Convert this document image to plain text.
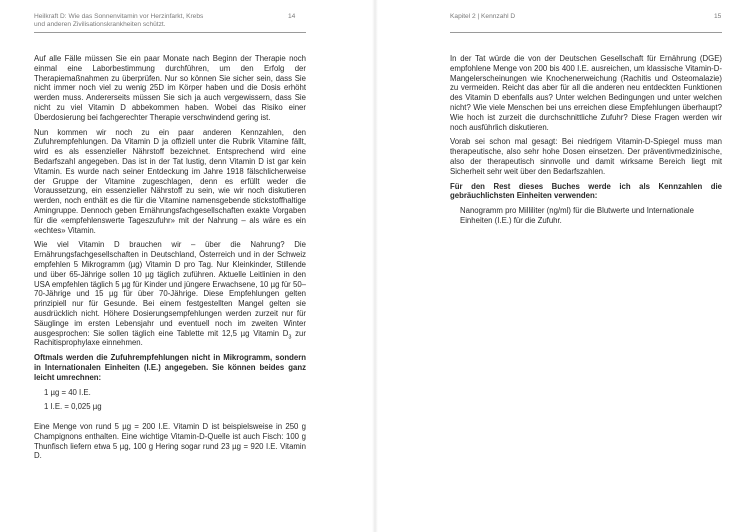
Heilkraft D: Wie das Sonnenvitamin vor Herzinfarkt, Krebs
und anderen Zivilisationskrankheiten schützt.
14

Auf alle Fälle müssen Sie ein paar Monate nach Beginn der Therapie noch einmal eine Laborbestimmung durchführen, um den Erfolg der Therapiemaßnahmen zu überprüfen. Nur so können Sie sicher sein, dass Sie nicht immer noch viel zu wenig 25D im Körper haben und die Dosis erhöht werden muss. Andererseits müssen Sie sich ja auch vergewissern, dass Sie nicht zu viel Vitamin D abbekommen haben. Wobei das Risiko einer Überdosierung bei fachgerechter Therapie verschwindend gering ist.

Nun kommen wir noch zu ein paar anderen Kennzahlen, den Zufuhrempfehlungen. Da Vitamin D ja offiziell unter die Rubrik Vitamine fällt, wird es als essenzieller Nährstoff bezeichnet. Entsprechend wird eine Bedarfszahl angegeben. Das ist in der Tat lustig, denn Vitamin D ist gar kein Vitamin. Es wurde nach seiner Entdeckung im Jahre 1918 fälschlicherweise der Gruppe der Vitamine zugeschlagen, denn es erfüllt weder die Voraussetzung, ein essenzieller Nährstoff zu sein, wie wir noch diskutieren werden, noch enthält es die für die Vitamine namensgebende stickstoffhaltige Amingruppe. Dennoch geben Ernährungsfachgesellschaften exakte Vorgaben für die «empfehlenswerte Tageszufuhr» mit der Nahrung – als wäre es ein «echtes» Vitamin.

Wie viel Vitamin D brauchen wir – über die Nahrung? Die Ernährungsfachgesellschaften in Deutschland, Österreich und in der Schweiz empfehlen 5 Mikrogramm (µg) Vitamin D pro Tag. Nur Kleinkinder, Stillende und über 65-Jährige sollen 10 µg täglich zuführen. Aktuelle Leitlinien in den USA empfehlen täglich 5 µg für Kinder und jüngere Erwachsene, 10 µg für 50–70-Jährige und 15 µg für über 70-Jährige. Diese Empfehlungen gelten prinzipiell nur für Gesunde. Bei einem festgestellten Mangel gelten sie ausdrücklich nicht. Höhere Dosierungsempfehlungen werden zurzeit nur für Säuglinge im ersten Lebensjahr und eventuell noch im zweiten Winter ausgesprochen: Sie sollen täglich eine Tablette mit 12,5 µg Vitamin $D_3$ zur Rachitisprophylaxe einnehmen.

Oftmals werden die Zufuhrempfehlungen nicht in Mikrogramm, sondern in Internationalen Einheiten (I.E.) angegeben. Sie können beides ganz leicht umrechnen:

1 µg = 40 I.E.

1 I.E. = 0,025 µg

Eine Menge von rund 5 µg = 200 I.E. Vitamin D ist beispielsweise in 250 g Champignons enthalten. Eine wichtige Vitamin-D-Quelle ist auch Fisch: 100 g Thunfisch liefern etwa 5 µg, 100 g Hering sogar rund 23 µg = 920 I.E. Vitamin D.

Kapitel 2 | Kennzahl D	15

In der Tat würde die von der Deutschen Gesellschaft für Ernährung (DGE) empfohlene Menge von 200 bis 400 I.E. ausreichen, um klassische Vitamin-D-Mangelerscheinungen wie Knochenerweichung (Rachitis und Osteomalazie) zu vermeiden. Reicht das aber für all die anderen neu entdeckten Funktionen des Vitamin D ebenfalls aus? Unter welchen Bedingungen und unter welchen nicht? Wie viele Menschen bei uns erreichen diese Empfehlungen überhaupt? Wie hoch ist zurzeit die durchschnittliche Zufuhr? Diese Fragen werden wir noch ausführlich diskutieren.

Vorab sei schon mal gesagt: Bei niedrigem Vitamin-D-Spiegel muss man therapeutische, also sehr hohe Dosen einsetzen. Der präventivmedizinische, also der therapeutisch sinnvolle und damit wirksame Bereich liegt mit Sicherheit sehr weit über den Bedarfszahlen.

Für den Rest dieses Buches werde ich als Kennzahlen die gebräuchlichsten Einheiten verwenden:

Nanogramm pro Milliliter (ng/ml) für die Blutwerte und Internationale Einheiten (I.E.) für die Zufuhr.
